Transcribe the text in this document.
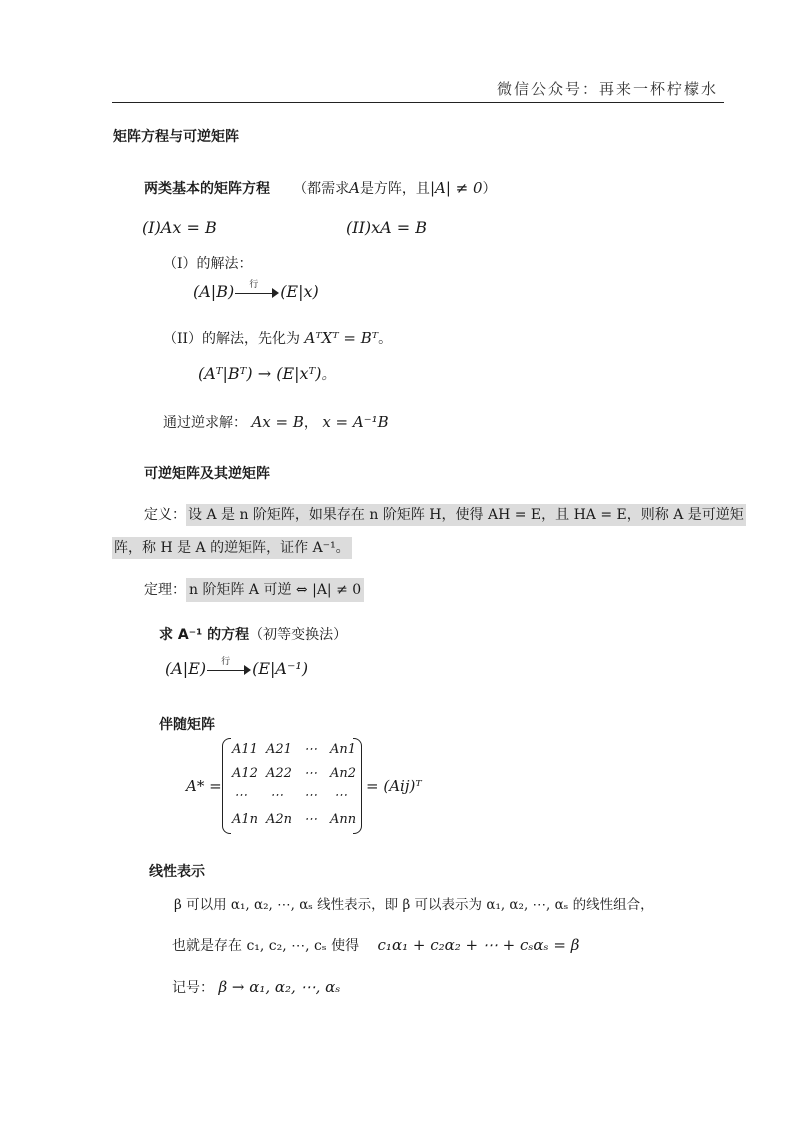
微信公众号：再来一杯柠檬水
矩阵方程与可逆矩阵
两类基本的矩阵方程 （都需求A是方阵，且|A| ≠ 0）
(I)Ax = B	(II)xA = B
（I）的解法：
(A|B) 行 (E|x)
（II）的解法，先化为 AᵀXᵀ = Bᵀ。
(Aᵀ|Bᵀ) → (E|xᵀ)。
通过逆求解： Ax = B， x = A⁻¹B
可逆矩阵及其逆矩阵
定义： 设 A 是 n 阶矩阵，如果存在 n 阶矩阵 H，使得 AH = E，且 HA = E，则称 A 是可逆矩
阵，称 H 是 A 的逆矩阵，证作 A⁻¹。
定理： n 阶矩阵 A 可逆 ⇔ |A| ≠ 0
求 A⁻¹ 的方程（初等变换法）
(A|E) 行 (E|A⁻¹)
伴随矩阵
A* =
A11 A21 ⋯ An1
A12 A22 ⋯ An2
⋯ ⋯ ⋯ ⋯
A1n A2n ⋯ Ann
= (Aij)ᵀ
线性表示
β 可以用 α₁, α₂, ⋯, αₛ 线性表示，即 β 可以表示为 α₁, α₂, ⋯, αₛ 的线性组合，
也就是存在 c₁, c₂, ⋯, cₛ 使得 c₁α₁ + c₂α₂ + ⋯ + cₛαₛ = β
记号： β → α₁, α₂, ⋯, αₛ
